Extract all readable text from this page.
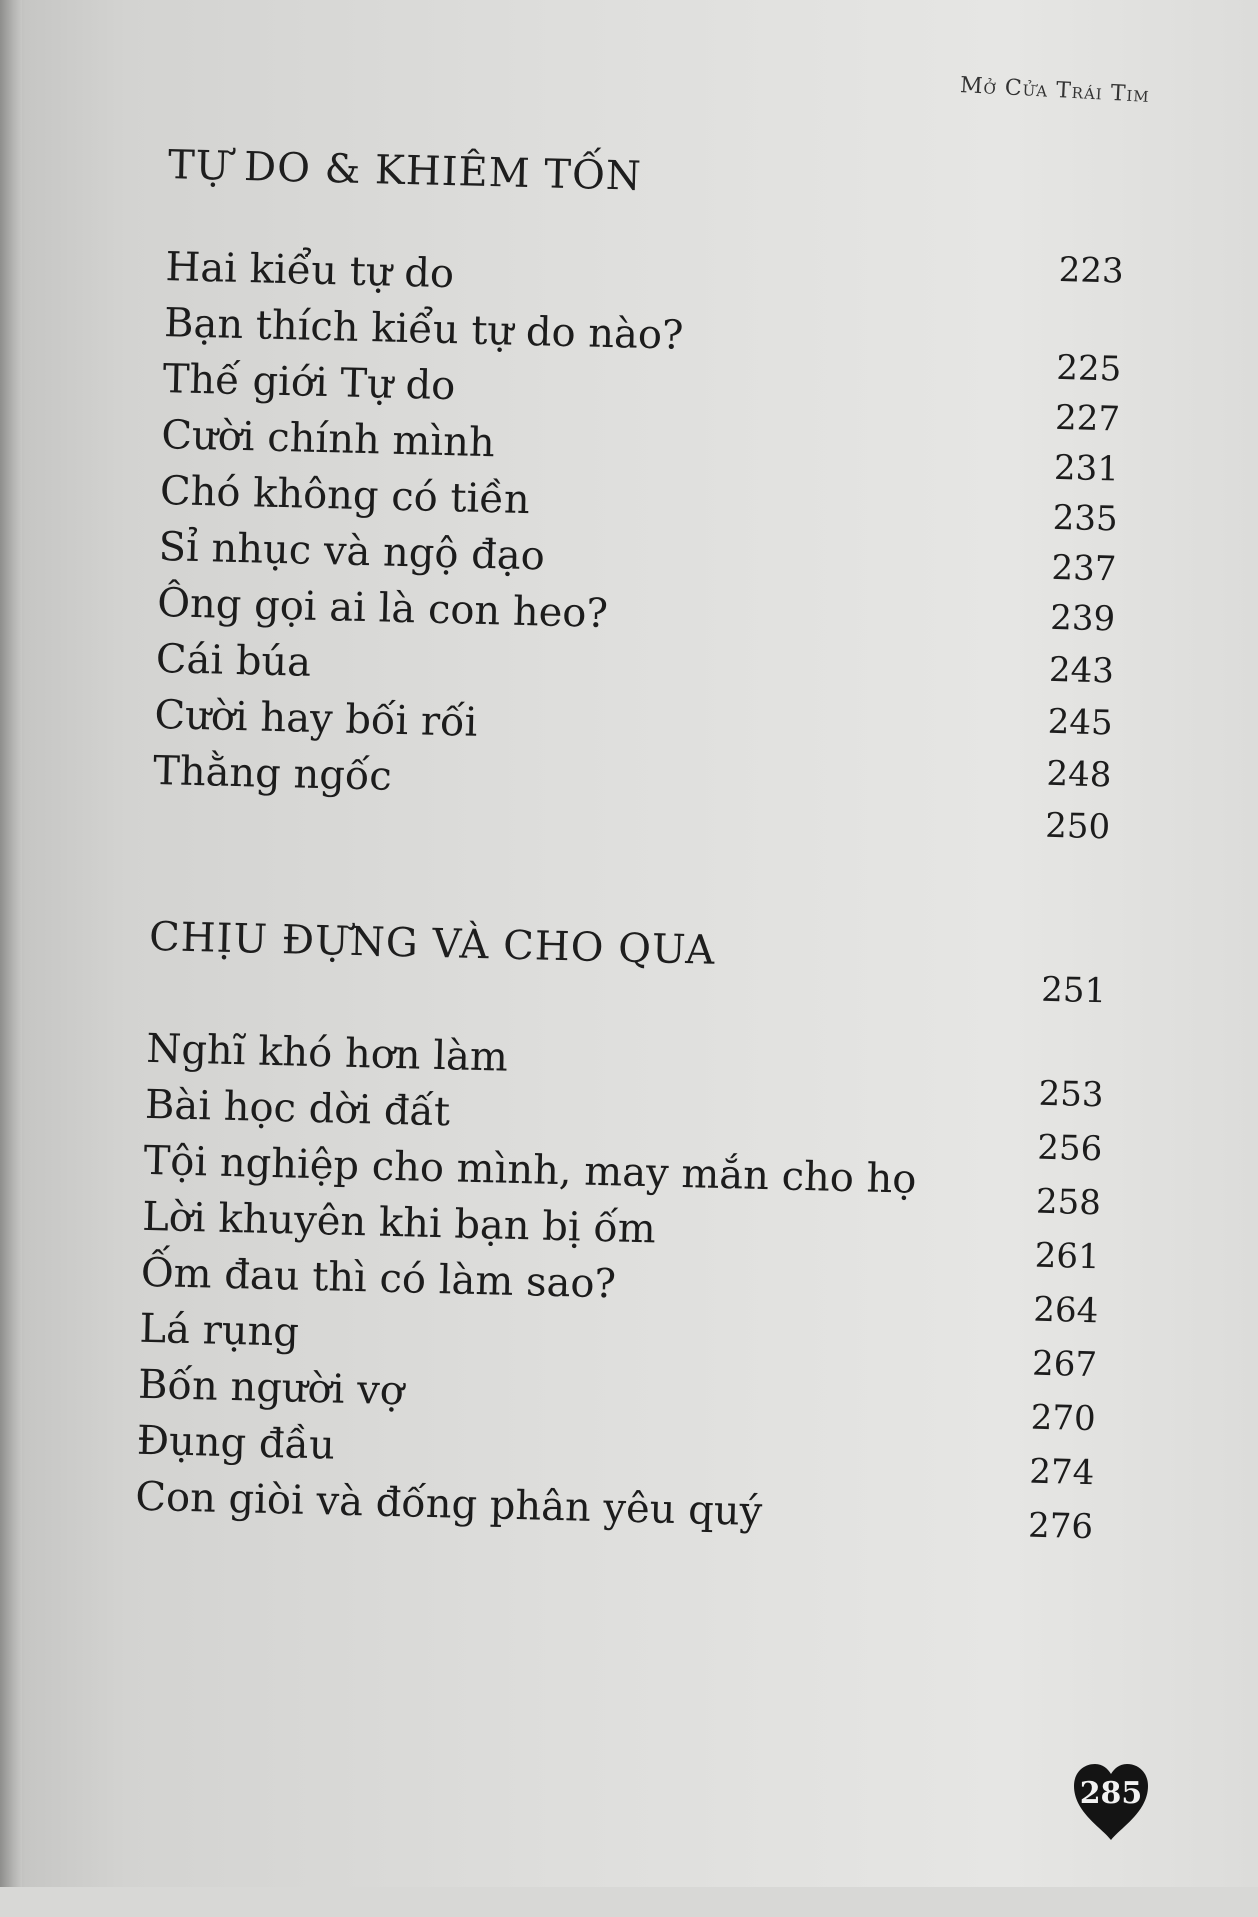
Mở Cửa Trái Tim
TỰ DO & KHIÊM TỐN
Hai kiểu tự do
Bạn thích kiểu tự do nào?
Thế giới Tự do
Cười chính mình
Chó không có tiền
Sỉ nhục và ngộ đạo
Ông gọi ai là con heo?
Cái búa
Cười hay bối rối
Thằng ngốc
223
225
227
231
235
237
239
243
245
248
250
CHỊU ĐỰNG VÀ CHO QUA
Nghĩ khó hơn làm
Bài học dời đất
Tội nghiệp cho mình, may mắn cho họ
Lời khuyên khi bạn bị ốm
Ốm đau thì có làm sao?
Lá rụng
Bốn người vợ
Đụng đầu
Con giòi và đống phân yêu quý
251
253
256
258
261
264
267
270
274
276
285
